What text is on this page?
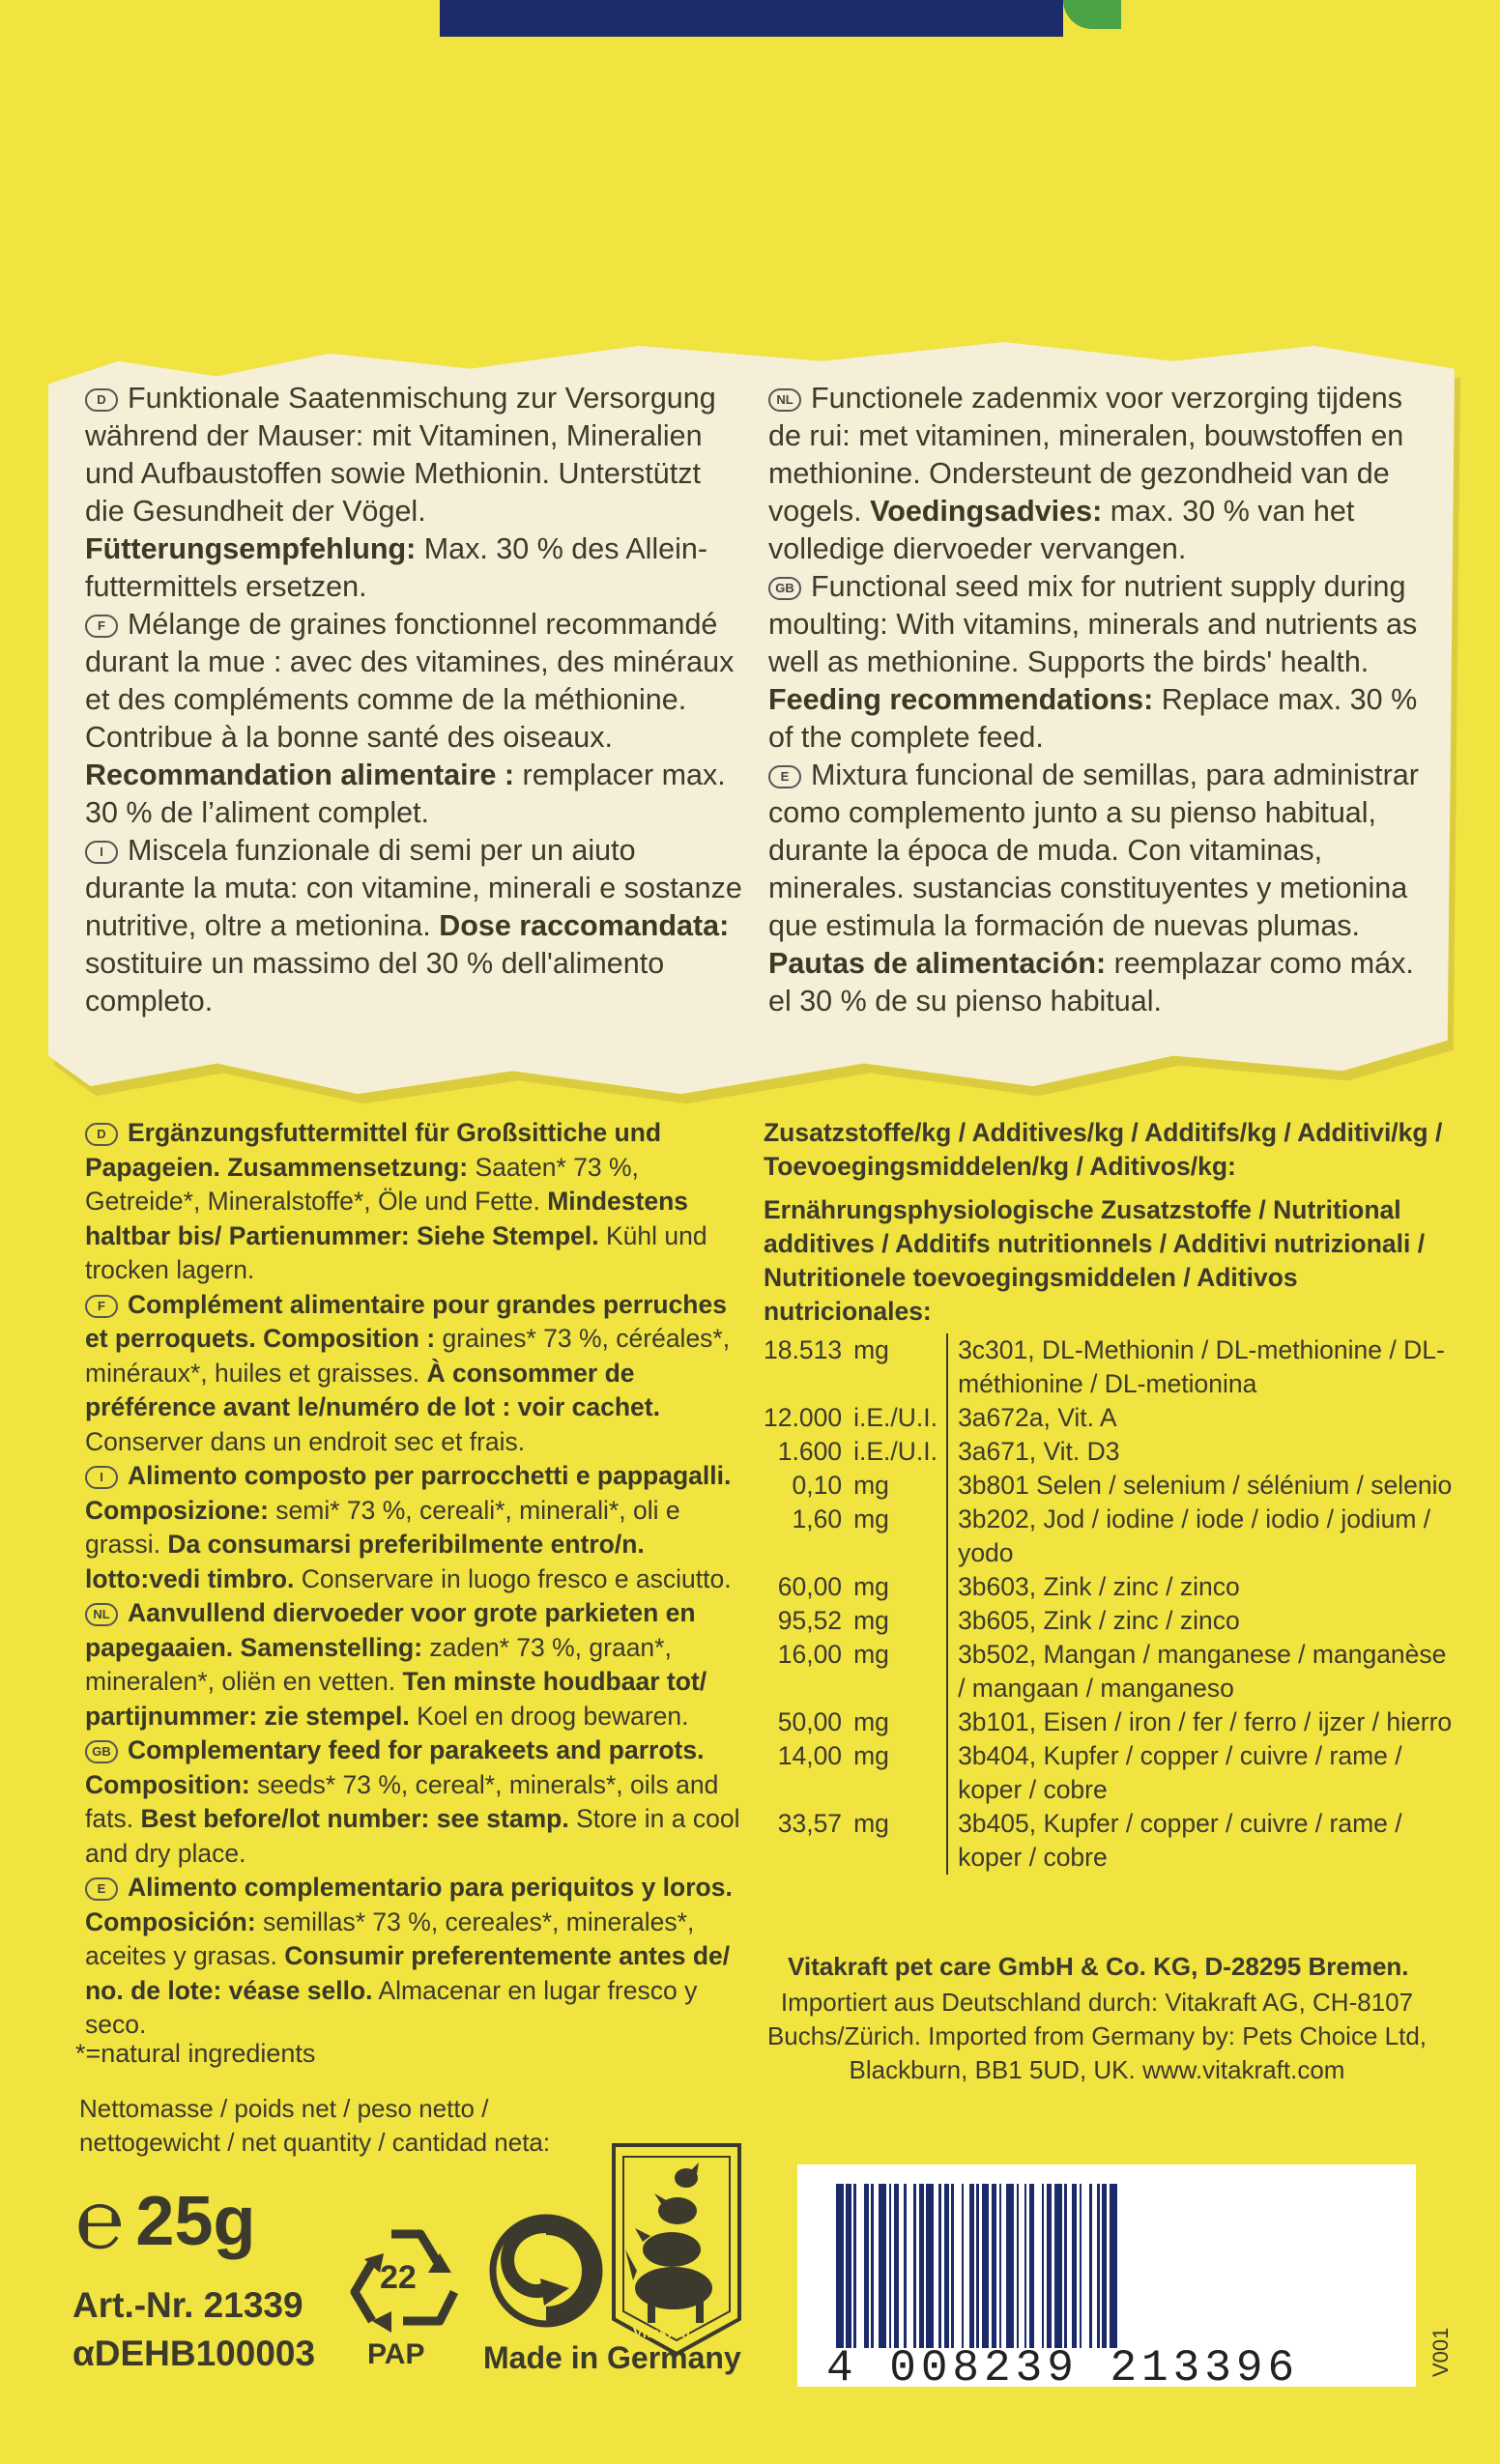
D Funktionale Saatenmischung zur Versorgung während der Mauser: mit Vitaminen, Mineralien und Aufbaustoffen sowie Methionin. Unterstützt die Gesundheit der Vögel. Fütterungsempfehlung: Max. 30 % des Alleinfuttermittels ersetzen.

F Mélange de graines fonctionnel recommandé durant la mue : avec des vitamines, des minéraux et des compléments comme de la méthionine. Contribue à la bonne santé des oiseaux. Recommandation alimentaire : remplacer max. 30 % de l’aliment complet.

I Miscela funzionale di semi per un aiuto durante la muta: con vitamine, minerali e sostanze nutritive, oltre a metionina. Dose raccomandata: sostituire un massimo del 30 % dell'alimento completo.

NL Functionele zadenmix voor verzorging tijdens de rui: met vitaminen, mineralen, bouwstoffen en methionine. Ondersteunt de gezondheid van de vogels. Voedingsadvies: max. 30 % van het volledige diervoeder vervangen.

GB Functional seed mix for nutrient supply during moulting: With vitamins, minerals and nutrients as well as methionine. Supports the birds' health. Feeding recommendations: Replace max. 30 % of the complete feed.

E Mixtura funcional de semillas, para administrar como complemento junto a su pienso habitual, durante la época de muda. Con vitaminas, minerales. sustancias constituyentes y metionina que estimula la formación de nuevas plumas. Pautas de alimentación: reemplazar como máx. el 30 % de su pienso habitual.

D Ergänzungsfuttermittel für Großsittiche und Papageien. Zusammensetzung: Saaten* 73 %, Getreide*, Mineralstoffe*, Öle und Fette. Mindestens haltbar bis/ Partienummer: Siehe Stempel. Kühl und trocken lagern.

F Complément alimentaire pour grandes perruches et perroquets. Composition : graines* 73 %, céréales*, minéraux*, huiles et graisses. À consommer de préférence avant le/numéro de lot : voir cachet. Conserver dans un endroit sec et frais.

I Alimento composto per parrocchetti e pappagalli. Composizione: semi* 73 %, cereali*, minerali*, oli e grassi. Da consumarsi preferibilmente entro/n. lotto:vedi timbro. Conservare in luogo fresco e asciutto.

NL Aanvullend diervoeder voor grote parkieten en papegaaien. Samenstelling: zaden* 73 %, graan*, mineralen*, oliën en vetten. Ten minste houdbaar tot/ partijnummer: zie stempel. Koel en droog bewaren.

GB Complementary feed for parakeets and parrots. Composition: seeds* 73 %, cereal*, minerals*, oils and fats. Best before/lot number: see stamp. Store in a cool and dry place.

E Alimento complementario para periquitos y loros. Composición: semillas* 73 %, cereales*, minerales*, aceites y grasas. Consumir preferentemente antes de/ no. de lote: véase sello. Almacenar en lugar fresco y seco.

*=natural ingredients
Nettomasse / poids net / peso netto / nettogewicht / net quantity / cantidad neta:
℮ 25g
Art.-Nr. 21339
αDEHB100003
22
PAP
Vitakraft
Made in Germany
Zusatzstoffe/kg / Additives/kg / Additifs/kg / Additivi/kg / Toevoegingsmiddelen/kg / Aditivos/kg:
Ernährungsphysiologische Zusatzstoffe / Nutritional additives / Additifs nutritionnels / Additivi nutrizionali / Nutritionele toevoegingsmiddelen / Aditivos nutricionales:
18.513	mg	3c301, DL-Methionin / DL-methionine / DL-méthionine / DL-metionina
12.000	i.E./U.I.	3a672a, Vit. A
1.600	i.E./U.I.	3a671, Vit. D3
0,10	mg	3b801 Selen / selenium / sélénium / selenio
1,60	mg	3b202, Jod / iodine / iode / iodio / jodium / yodo
60,00	mg	3b603, Zink / zinc / zinco
95,52	mg	3b605, Zink / zinc / zinco
16,00	mg	3b502, Mangan / manganese / manganèse / mangaan / manganeso
50,00	mg	3b101, Eisen / iron / fer / ferro / ijzer / hierro
14,00	mg	3b404, Kupfer / copper / cuivre / rame / koper / cobre
33,57	mg	3b405, Kupfer / copper / cuivre / rame / koper / cobre
Vitakraft pet care GmbH & Co. KG, D-28295 Bremen.
Importiert aus Deutschland durch: Vitakraft AG, CH-8107 Buchs/Zürich. Imported from Germany by: Pets Choice Ltd, Blackburn, BB1 5UD, UK. www.vitakraft.com
4 008239 213396	V001
